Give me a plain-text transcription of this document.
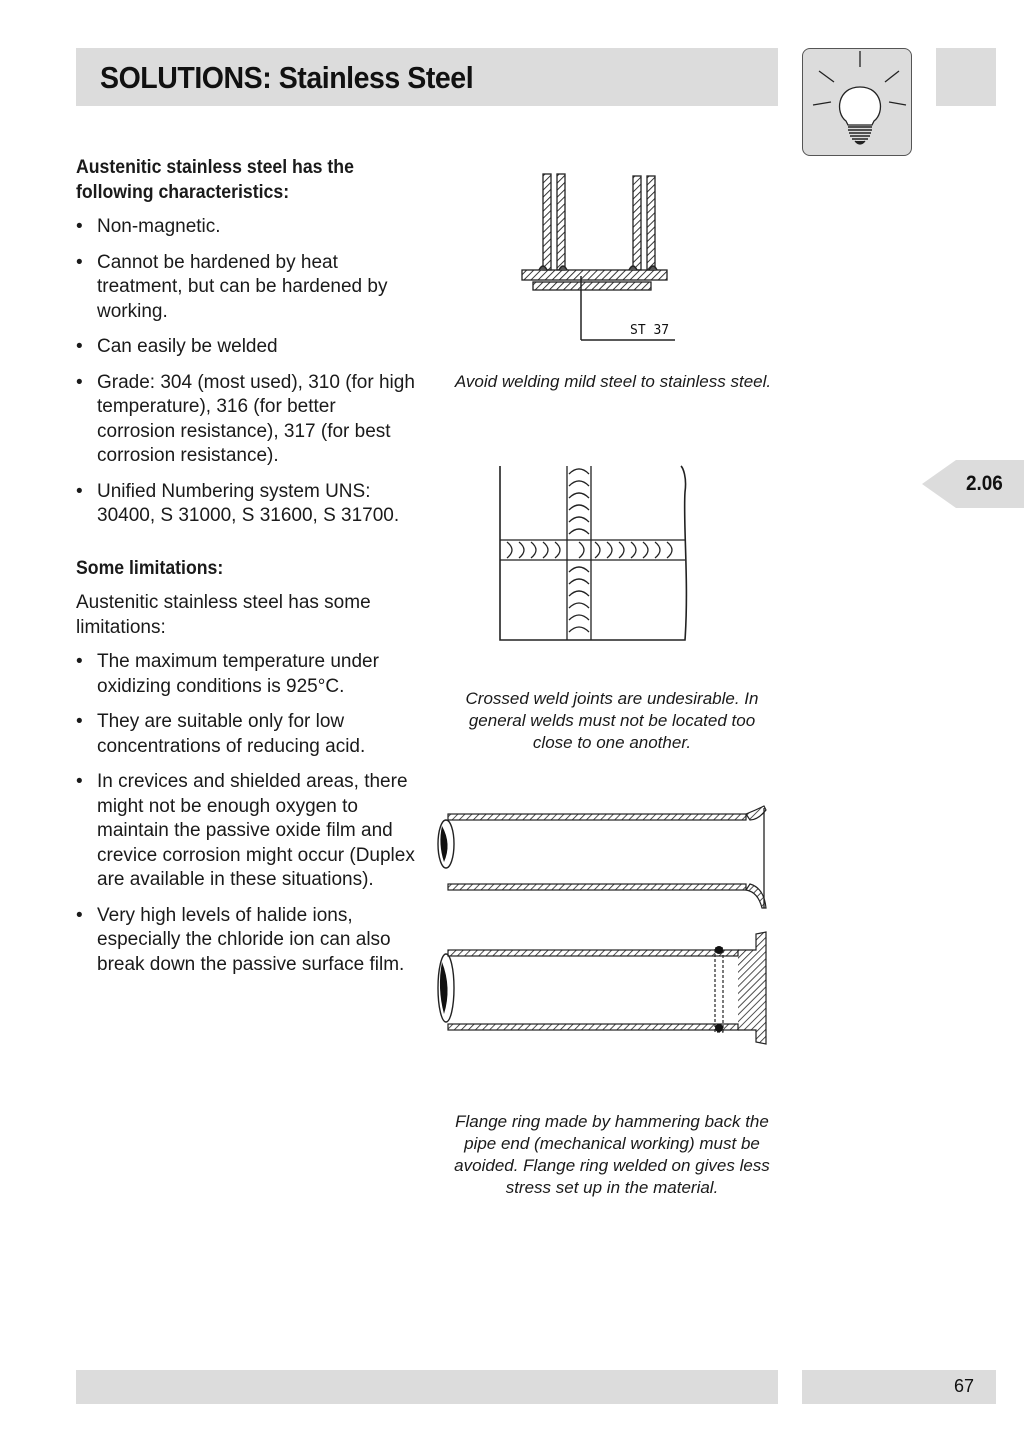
SOLUTIONS: Stainless Steel
2.06
Austenitic stainless steel has the following characteristics:
• Non-magnetic.
• Cannot be hardened by heat treatment, but can be hardened by working.
• Can easily be welded
• Grade: 304 (most used), 310 (for high temperature), 316 (for better corrosion resistance), 317 (for best corrosion resistance).
• Unified Numbering system UNS: 30400, S 31000, S 31600, S 31700.
Some limitations:

Austenitic stainless steel has some limitations:

• The maximum temperature under oxidizing conditions is 925°C.
• They are suitable only for low concentrations of reducing acid.
• In crevices and shielded areas, there might not be enough oxygen to maintain the passive oxide film and crevice corrosion might occur (Duplex are available in these situations).
• Very high levels of halide ions, especially the chloride ion can also break down the passive surface film.
ST 37
Avoid welding mild steel to stainless steel.
Crossed weld joints are undesirable. In general welds must not be located too close to one another.
Flange ring made by hammering back the pipe end (mechanical working) must be avoided. Flange ring welded on gives less stress set up in the material.
67
